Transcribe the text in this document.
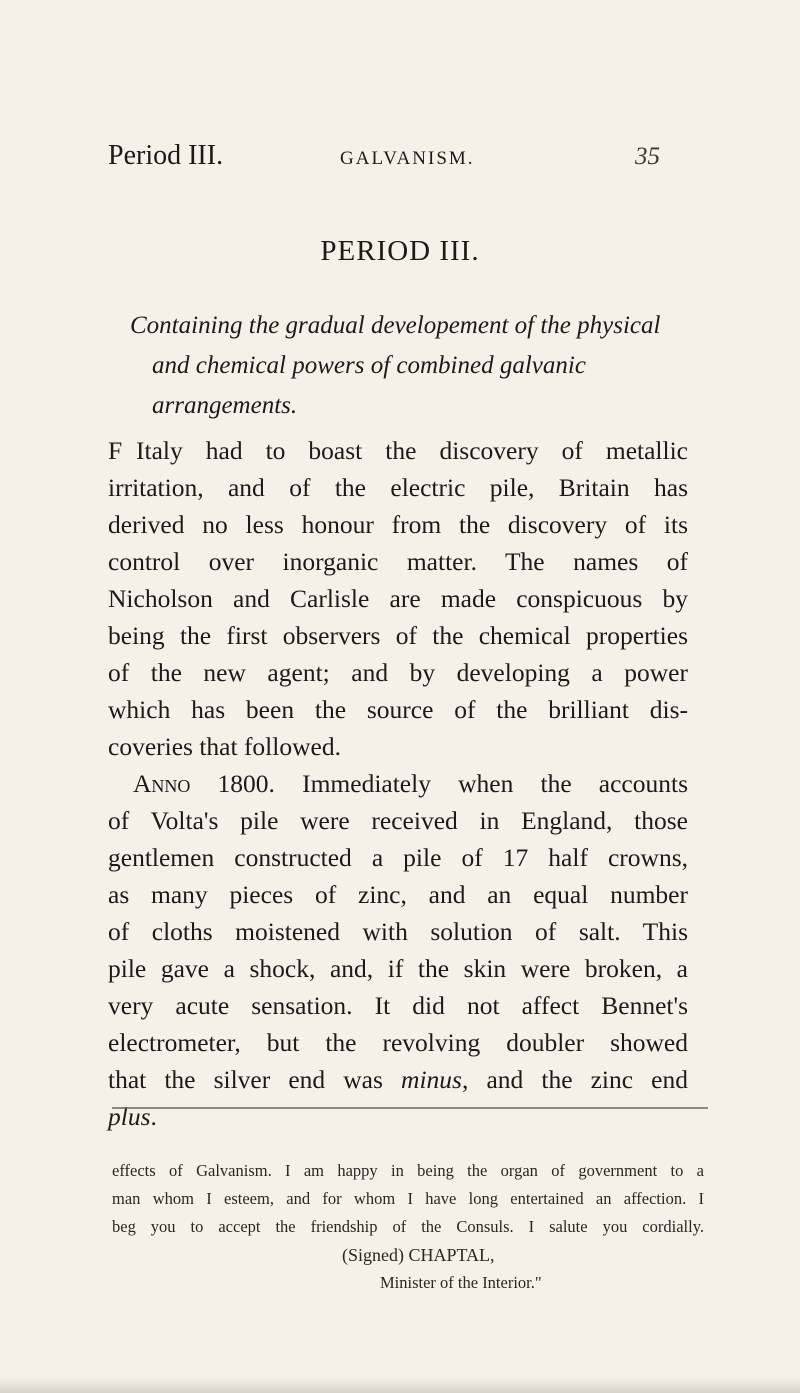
Period III.	GALVANISM.	35
PERIOD III.
Containing the gradual developement of the physical
and chemical powers of combined galvanic
arrangements.
F Italy had to boast the discovery of metallic
irritation, and of the electric pile, Britain has
derived no less honour from the discovery of its
control over inorganic matter. The names of
Nicholson and Carlisle are made conspicuous by
being the first observers of the chemical properties
of the new agent; and by developing a power
which has been the source of the brilliant dis-
coveries that followed.
Anno 1800. Immediately when the accounts
of Volta's pile were received in England, those
gentlemen constructed a pile of 17 half crowns,
as many pieces of zinc, and an equal number
of cloths moistened with solution of salt. This
pile gave a shock, and, if the skin were broken, a
very acute sensation. It did not affect Bennet's
electrometer, but the revolving doubler showed
that the silver end was minus, and the zinc end
plus.
effects of Galvanism. I am happy in being the organ of government to a
man whom I esteem, and for whom I have long entertained an affection. I
beg you to accept the friendship of the Consuls. I salute you cordially.
(Signed) CHAPTAL,
Minister of the Interior."
